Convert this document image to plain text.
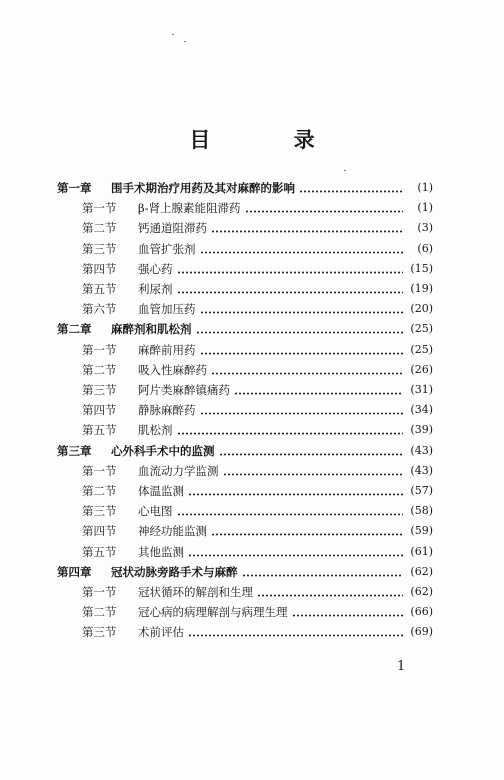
目 录
第一章	围手术期治疗用药及其对麻醉的影响	(1)
第一节	β-肾上腺素能阻滞药	(1)
第二节	钙通道阻滞药	(3)
第三节	血管扩张剂	(6)
第四节	强心药	(15)
第五节	利尿剂	(19)
第六节	血管加压药	(20)
第二章	麻醉剂和肌松剂	(25)
第一节	麻醉前用药	(25)
第二节	吸入性麻醉药	(26)
第三节	阿片类麻醉镇痛药	(31)
第四节	静脉麻醉药	(34)
第五节	肌松剂	(39)
第三章	心外科手术中的监测	(43)
第一节	血流动力学监测	(43)
第二节	体温监测	(57)
第三节	心电图	(58)
第四节	神经功能监测	(59)
第五节	其他监测	(61)
第四章	冠状动脉旁路手术与麻醉	(62)
第一节	冠状循环的解剖和生理	(62)
第二节	冠心病的病理解剖与病理生理	(66)
第三节	术前评估	(69)
1
